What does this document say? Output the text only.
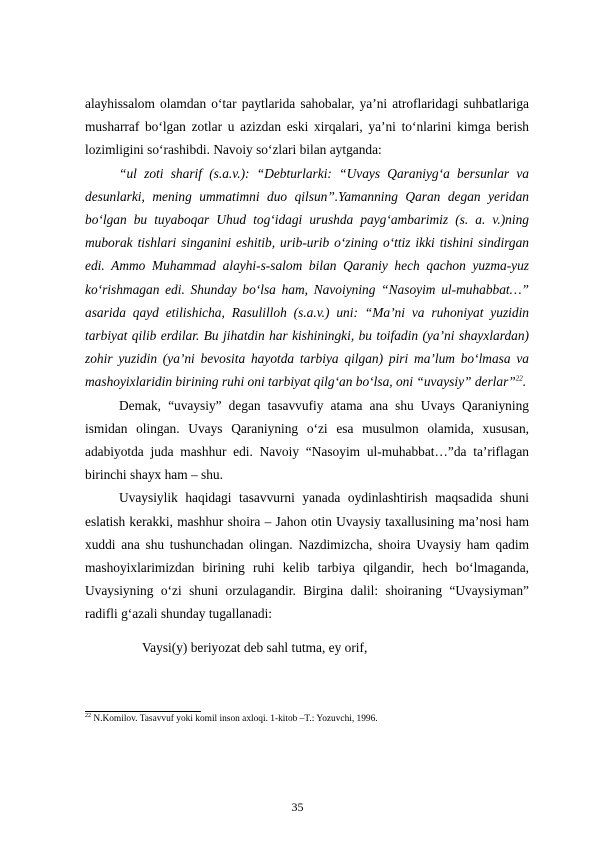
alayhissalom olamdan o‘tar paytlarida sahobalar, ya’ni atroflaridagi suhbatlariga musharraf bo‘lgan zotlar u azizdan eski xirqalari, ya’ni to‘nlarini kimga berish lozimligini so‘rashibdi. Navoiy so‘zlari bilan aytganda:

“ul zoti sharif (s.a.v.): “Debturlarki: “Uvays Qaraniyg‘a bersunlar va desunlarki, mening ummatimni duo qilsun”.Yamanning Qaran degan yeridan bo‘lgan bu tuyaboqar Uhud tog‘idagi urushda payg‘ambarimiz (s. a. v.)ning muborak tishlari singanini eshitib, urib-urib o‘zining o‘ttiz ikki tishini sindirgan edi. Ammo Muhammad alayhi-s-salom bilan Qaraniy hech qachon yuzma-yuz ko‘rishmagan edi. Shunday bo‘lsa ham, Navoiyning “Nasoyim ul-muhabbat…” asarida qayd etilishicha, Rasulilloh (s.a.v.) uni: “Ma’ni va ruhoniyat yuzidin tarbiyat qilib erdilar. Bu jihatdin har kishiningki, bu toifadin (ya’ni shayxlardan) zohir yuzidin (ya’ni bevosita hayotda tarbiya qilgan) piri ma’lum bo‘lmasa va mashoyixlaridin birining ruhi oni tarbiyat qilg‘an bo‘lsa, oni “uvaysiy” derlar”$^{22}$.

Demak, “uvaysiy” degan tasavvufiy atama ana shu Uvays Qaraniyning ismidan olingan. Uvays Qaraniyning o‘zi esa musulmon olamida, xususan, adabiyotda juda mashhur edi. Navoiy “Nasoyim ul-muhabbat…”da ta’riflagan birinchi shayx ham – shu.

Uvaysiylik haqidagi tasavvurni yanada oydinlashtirish maqsadida shuni eslatish kerakki, mashhur shoira – Jahon otin Uvaysiy taxallusining ma’nosi ham xuddi ana shu tushunchadan olingan. Nazdimizcha, shoira Uvaysiy ham qadim mashoyixlarimizdan birining ruhi kelib tarbiya qilgandir, hech bo‘lmaganda, Uvaysiyning o‘zi shuni orzulagandir. Birgina dalil: shoiraning “Uvaysiyman” radifli g‘azali shunday tugallanadi:

Vaysi(y) beriyozat deb sahl tutma, ey orif,

$^{22}$ N.Komilov. Tasavvuf yoki komil inson axloqi. 1-kitob –T.: Yozuvchi, 1996.
35
